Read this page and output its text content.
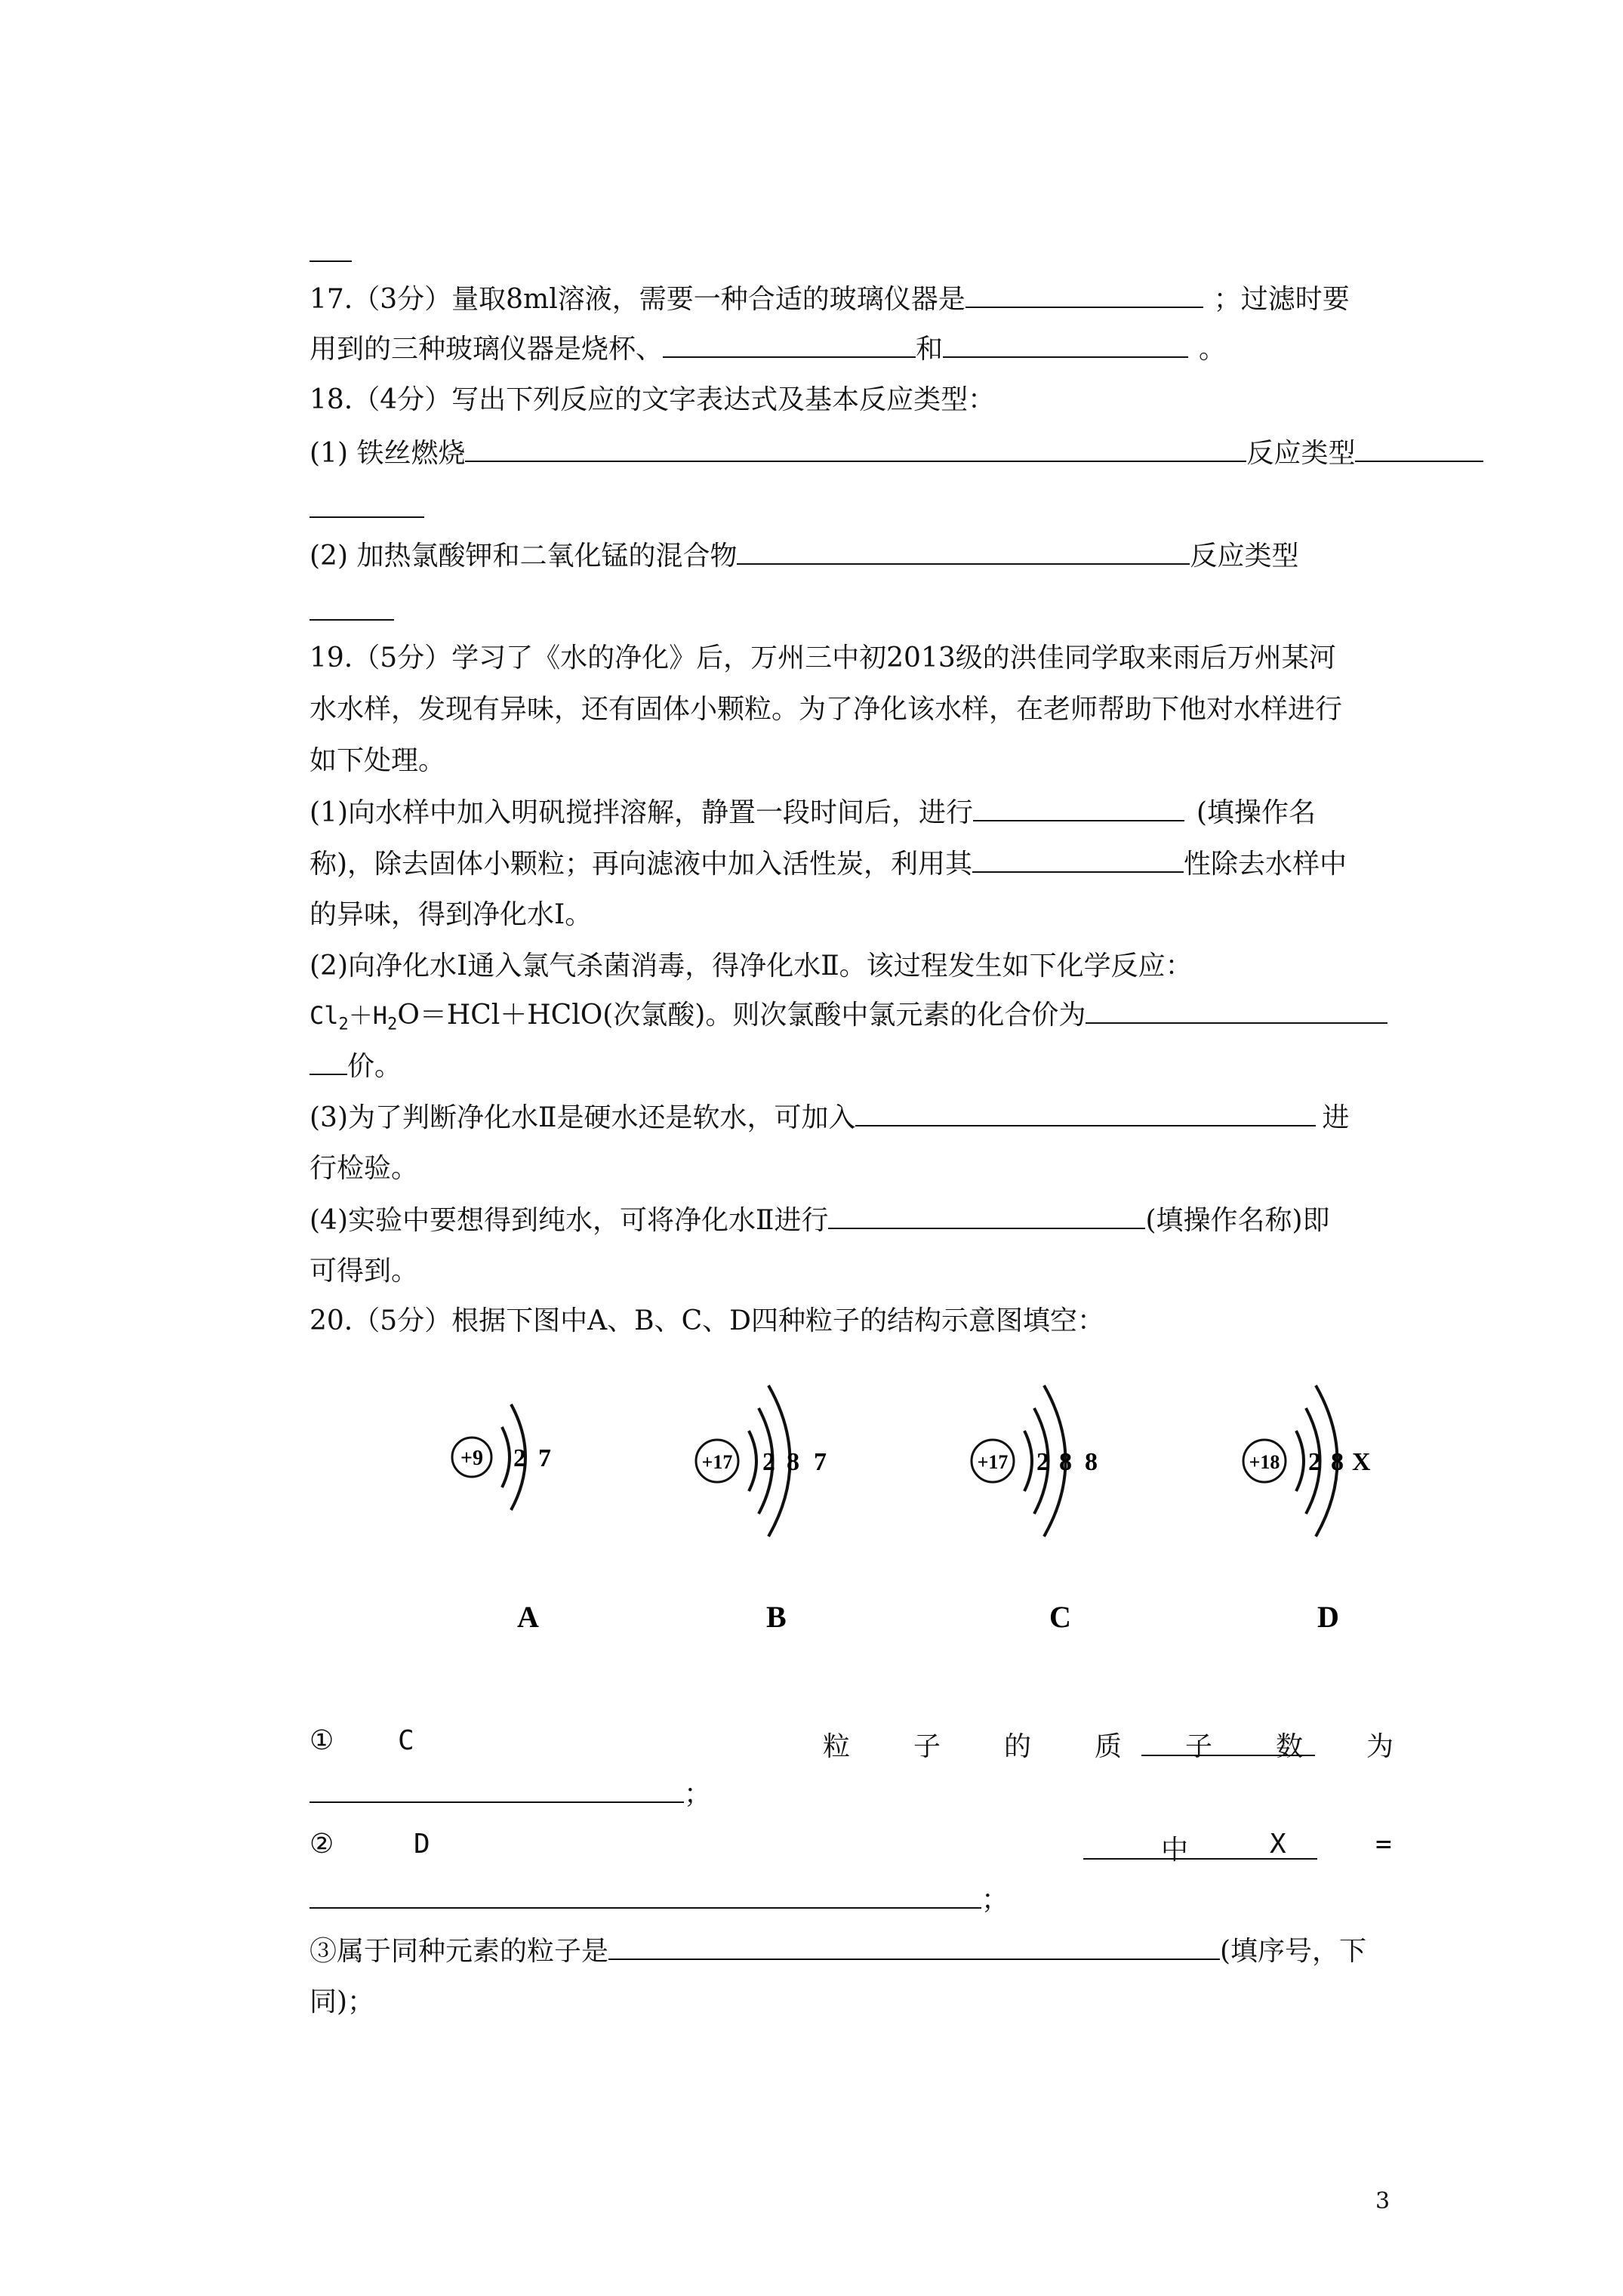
17.（3分）量取8ml溶液，需要一种合适的玻璃仪器是	；过滤时要
用到的三种玻璃仪器是烧杯、	和	。
18.（4分）写出下列反应的文字表达式及基本反应类型：
(1) 铁丝燃烧	反应类型
(2) 加热氯酸钾和二氧化锰的混合物	反应类型
19.（5分）学习了《水的净化》后，万州三中初2013级的洪佳同学取来雨后万州某河
水水样，发现有异味，还有固体小颗粒。为了净化该水样，在老师帮助下他对水样进行
如下处理。
(1)向水样中加入明矾搅拌溶解，静置一段时间后，进行	(填操作名
称)，除去固体小颗粒；再向滤液中加入活性炭，利用其	性除去水样中
的异味，得到净化水Ⅰ。
(2)向净化水Ⅰ通入氯气杀菌消毒，得净化水Ⅱ。该过程发生如下化学反应：
$Cl_2+H_2O=HCl+HClO$(次氯酸)。则次氯酸中氯元素的化合价为
价。
(3)为了判断净化水Ⅱ是硬水还是软水，可加入	进
行检验。
(4)实验中要想得到纯水，可将净化水Ⅱ进行	(填操作名称)即
可得到。
20.（5分）根据下图中A、B、C、D四种粒子的结构示意图填空：
+9 2 7
A
+17 2 8 7
B
+17 2 8 8
C
+18 2 8 X
D
① C	粒 子 的 质 子 数 为
；
②	D	中	X	=
；
③属于同种元素的粒子是	(填序号，下
同)；
3
